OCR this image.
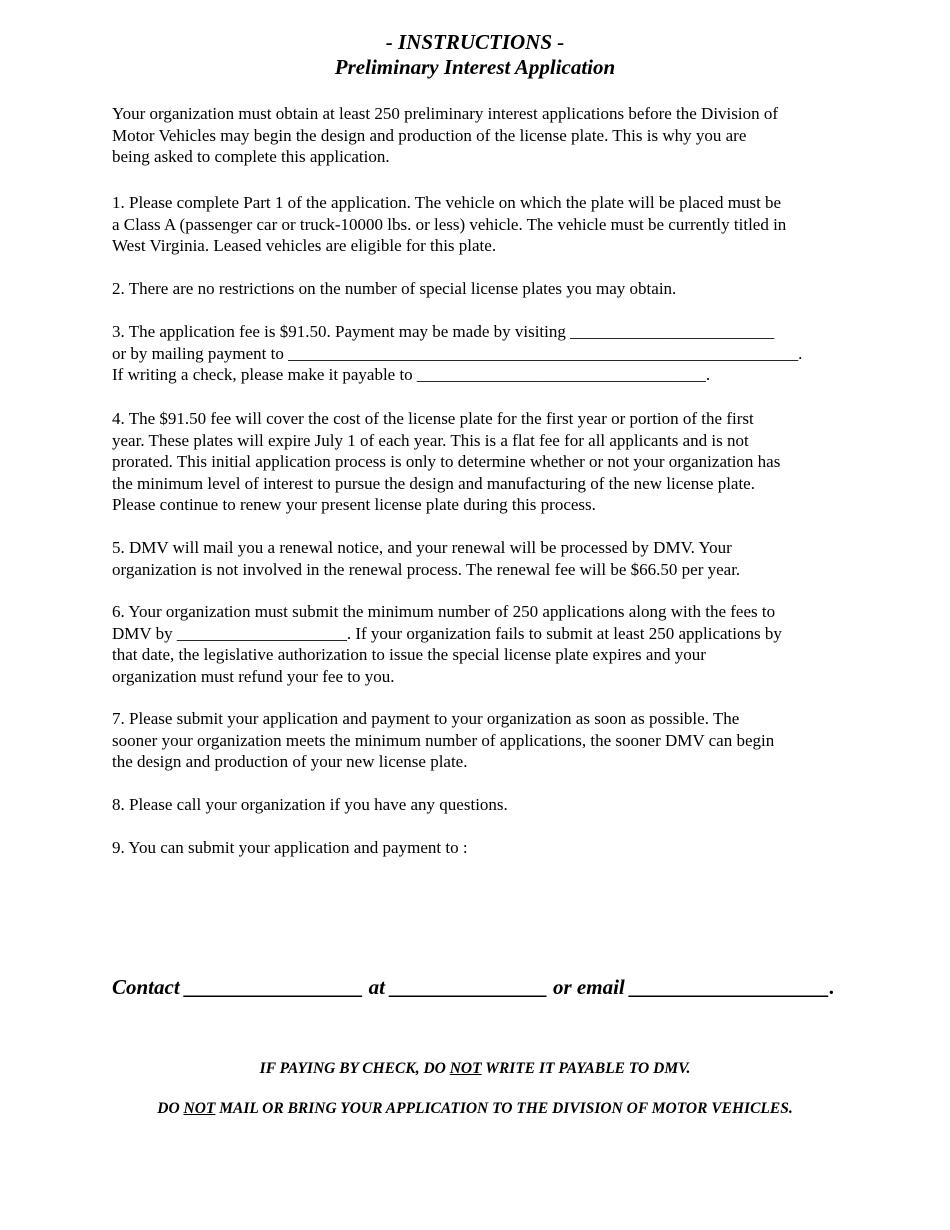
- INSTRUCTIONS -
Preliminary Interest Application
Your organization must obtain at least 250 preliminary interest applications before the Division of
Motor Vehicles may begin the design and production of the license plate. This is why you are
being asked to complete this application.
1. Please complete Part 1 of the application. The vehicle on which the plate will be placed must be
a Class A (passenger car or truck-10000 lbs. or less) vehicle. The vehicle must be currently titled in
West Virginia. Leased vehicles are eligible for this plate.
2. There are no restrictions on the number of special license plates you may obtain.
3. The application fee is $91.50. Payment may be made by visiting ________________________
or by mailing payment to ____________________________________________________________.
If writing a check, please make it payable to __________________________________.
4. The $91.50 fee will cover the cost of the license plate for the first year or portion of the first
year. These plates will expire July 1 of each year. This is a flat fee for all applicants and is not
prorated. This initial application process is only to determine whether or not your organization has
the minimum level of interest to pursue the design and manufacturing of the new license plate.
Please continue to renew your present license plate during this process.
5. DMV will mail you a renewal notice, and your renewal will be processed by DMV. Your
organization is not involved in the renewal process. The renewal fee will be $66.50 per year.
6. Your organization must submit the minimum number of 250 applications along with the fees to
DMV by ____________________. If your organization fails to submit at least 250 applications by
that date, the legislative authorization to issue the special license plate expires and your
organization must refund your fee to you.
7. Please submit your application and payment to your organization as soon as possible. The
sooner your organization meets the minimum number of applications, the sooner DMV can begin
the design and production of your new license plate.
8. Please call your organization if you have any questions.
9. You can submit your application and payment to :
Contact _________________ at _______________ or email ___________________.
IF PAYING BY CHECK, DO NOT WRITE IT PAYABLE TO DMV.
DO NOT MAIL OR BRING YOUR APPLICATION TO THE DIVISION OF MOTOR VEHICLES.
